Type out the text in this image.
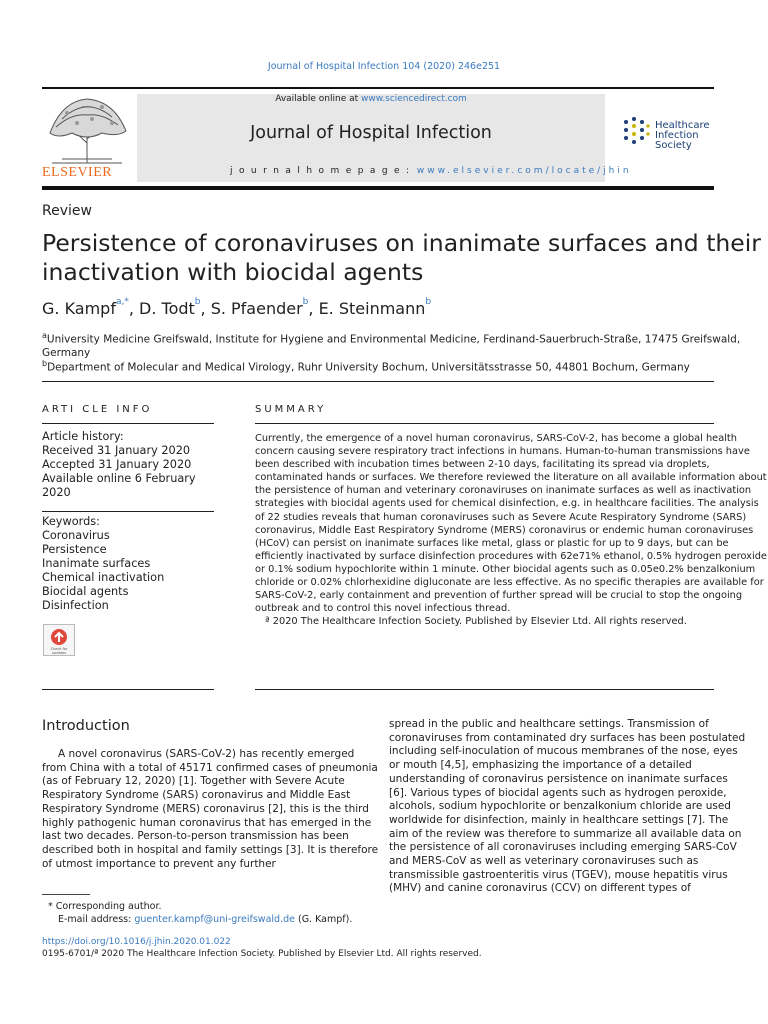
Journal of Hospital Infection 104 (2020) 246e251
ELSEVIER
Available online at www.sciencedirect.com
Journal of Hospital Infection
j o u r n a l h o m e p a g e : www.elsevier.com/locate/jhin
Healthcare
Infection
Society
Review
Persistence of coronaviruses on inanimate surfaces and their inactivation with biocidal agents
G. Kampf$^{a,*}$, D. Todt$^b$, S. Pfaender$^b$, E. Steinmann$^b$
$^a$University Medicine Greifswald, Institute for Hygiene and Environmental Medicine, Ferdinand-Sauerbruch-Straße, 17475 Greifswald, Germany
$^b$Department of Molecular and Medical Virology, Ruhr University Bochum, Universitätsstrasse 50, 44801 Bochum, Germany
ARTI CLE INFO	SUMMARY
Article history:
Received 31 January 2020
Accepted 31 January 2020
Available online 6 February 2020
Keywords:
Coronavirus
Persistence
Inanimate surfaces
Chemical inactivation
Biocidal agents
Disinfection
Check for updates
Currently, the emergence of a novel human coronavirus, SARS-CoV-2, has become a global health concern causing severe respiratory tract infections in humans. Human-to-human transmissions have been described with incubation times between 2-10 days, facilitating its spread via droplets, contaminated hands or surfaces. We therefore reviewed the literature on all available information about the persistence of human and veterinary coronaviruses on inanimate surfaces as well as inactivation strategies with biocidal agents used for chemical disinfection, e.g. in healthcare facilities. The analysis of 22 studies reveals that human coronaviruses such as Severe Acute Respiratory Syndrome (SARS) coronavirus, Middle East Respiratory Syndrome (MERS) coronavirus or endemic human coronaviruses (HCoV) can persist on inanimate surfaces like metal, glass or plastic for up to 9 days, but can be efficiently inactivated by surface disinfection procedures with 62e71% ethanol, 0.5% hydrogen peroxide or 0.1% sodium hypochlorite within 1 minute. Other biocidal agents such as 0.05e0.2% benzalkonium chloride or 0.02% chlorhexidine digluconate are less effective. As no specific therapies are available for SARS-CoV-2, early containment and prevention of further spread will be crucial to stop the ongoing outbreak and to control this novel infectious thread.
ª 2020 The Healthcare Infection Society. Published by Elsevier Ltd. All rights reserved.
Introduction

A novel coronavirus (SARS-CoV-2) has recently emerged from China with a total of 45171 confirmed cases of pneumonia (as of February 12, 2020) [1]. Together with Severe Acute Respiratory Syndrome (SARS) coronavirus and Middle East Respiratory Syndrome (MERS) coronavirus [2], this is the third highly pathogenic human coronavirus that has emerged in the last two decades. Person-to-person transmission has been described both in hospital and family settings [3]. It is therefore of utmost importance to prevent any further

spread in the public and healthcare settings. Transmission of coronaviruses from contaminated dry surfaces has been postulated including self-inoculation of mucous membranes of the nose, eyes or mouth [4,5], emphasizing the importance of a detailed understanding of coronavirus persistence on inanimate surfaces [6]. Various types of biocidal agents such as hydrogen peroxide, alcohols, sodium hypochlorite or benzalkonium chloride are used worldwide for disinfection, mainly in healthcare settings [7]. The aim of the review was therefore to summarize all available data on the persistence of all coronaviruses including emerging SARS-CoV and MERS-CoV as well as veterinary coronaviruses such as transmissible gastroenteritis virus (TGEV), mouse hepatitis virus (MHV) and canine coronavirus (CCV) on different types of

* Corresponding author.
E-mail address: guenter.kampf@uni-greifswald.de (G. Kampf).
https://doi.org/10.1016/j.jhin.2020.01.022
0195-6701/ª 2020 The Healthcare Infection Society. Published by Elsevier Ltd. All rights reserved.
